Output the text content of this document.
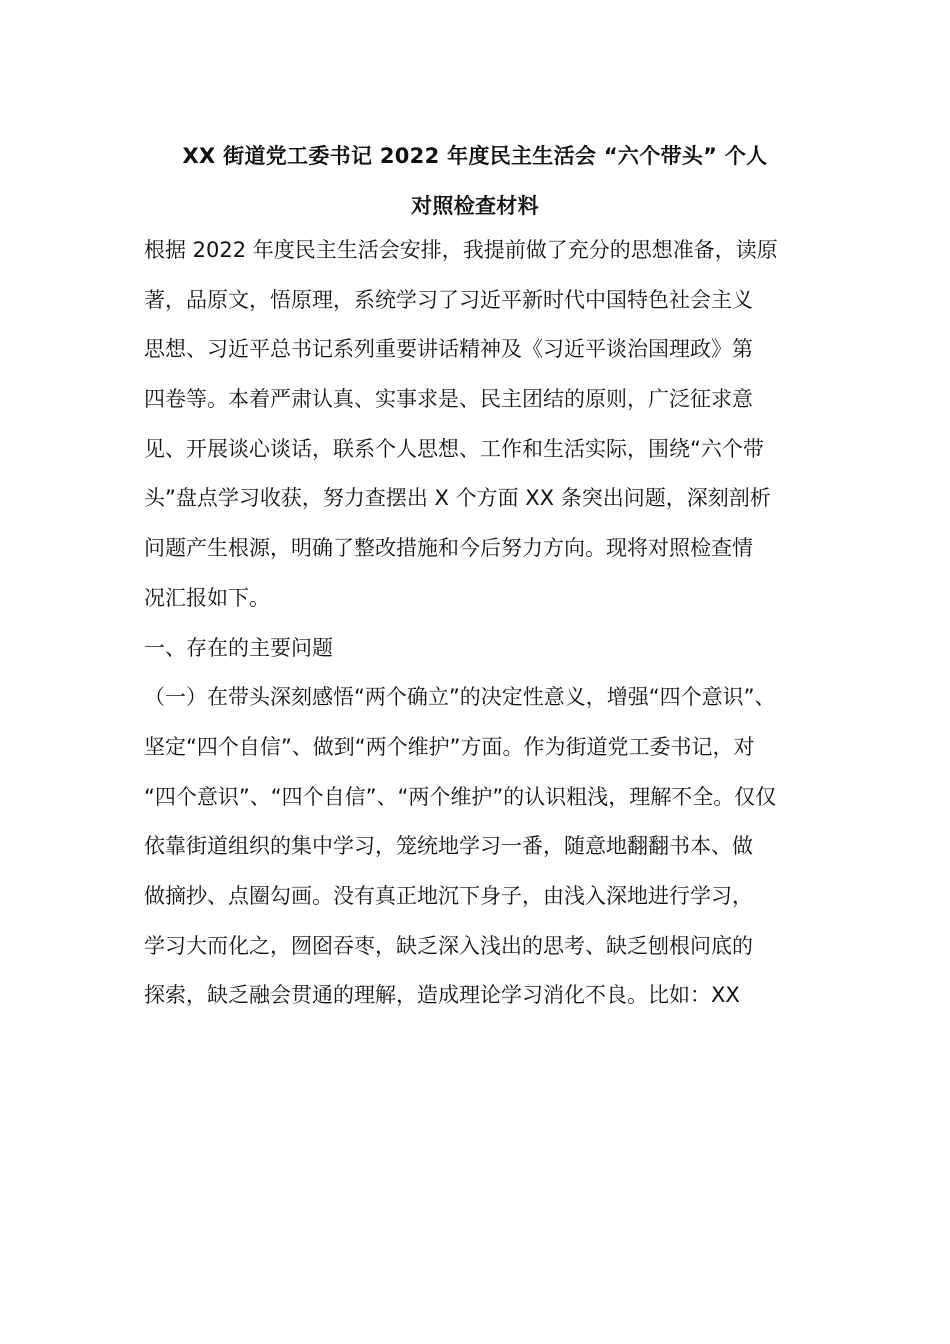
XX 街道党工委书记 2022 年度民主生活会 “六个带头” 个人
对照检查材料
根据 2022 年度民主生活会安排，我提前做了充分的思想准备，读原
著，品原文，悟原理，系统学习了习近平新时代中国特色社会主义
思想、习近平总书记系列重要讲话精神及《习近平谈治国理政》第
四卷等。本着严肃认真、实事求是、民主团结的原则，广泛征求意
见、开展谈心谈话，联系个人思想、工作和生活实际，围绕“六个带
头”盘点学习收获，努力查摆出 X 个方面 XX 条突出问题，深刻剖析
问题产生根源，明确了整改措施和今后努力方向。现将对照检查情
况汇报如下。
一、存在的主要问题
（一）在带头深刻感悟“两个确立”的决定性意义，增强“四个意识”、
坚定“四个自信”、做到“两个维护”方面。作为街道党工委书记，对
“四个意识”、“四个自信”、“两个维护”的认识粗浅，理解不全。仅仅
依靠街道组织的集中学习，笼统地学习一番，随意地翻翻书本、做
做摘抄、点圈勾画。没有真正地沉下身子，由浅入深地进行学习，
学习大而化之，囫囵吞枣，缺乏深入浅出的思考、缺乏刨根问底的
探索，缺乏融会贯通的理解，造成理论学习消化不良。比如：XX
